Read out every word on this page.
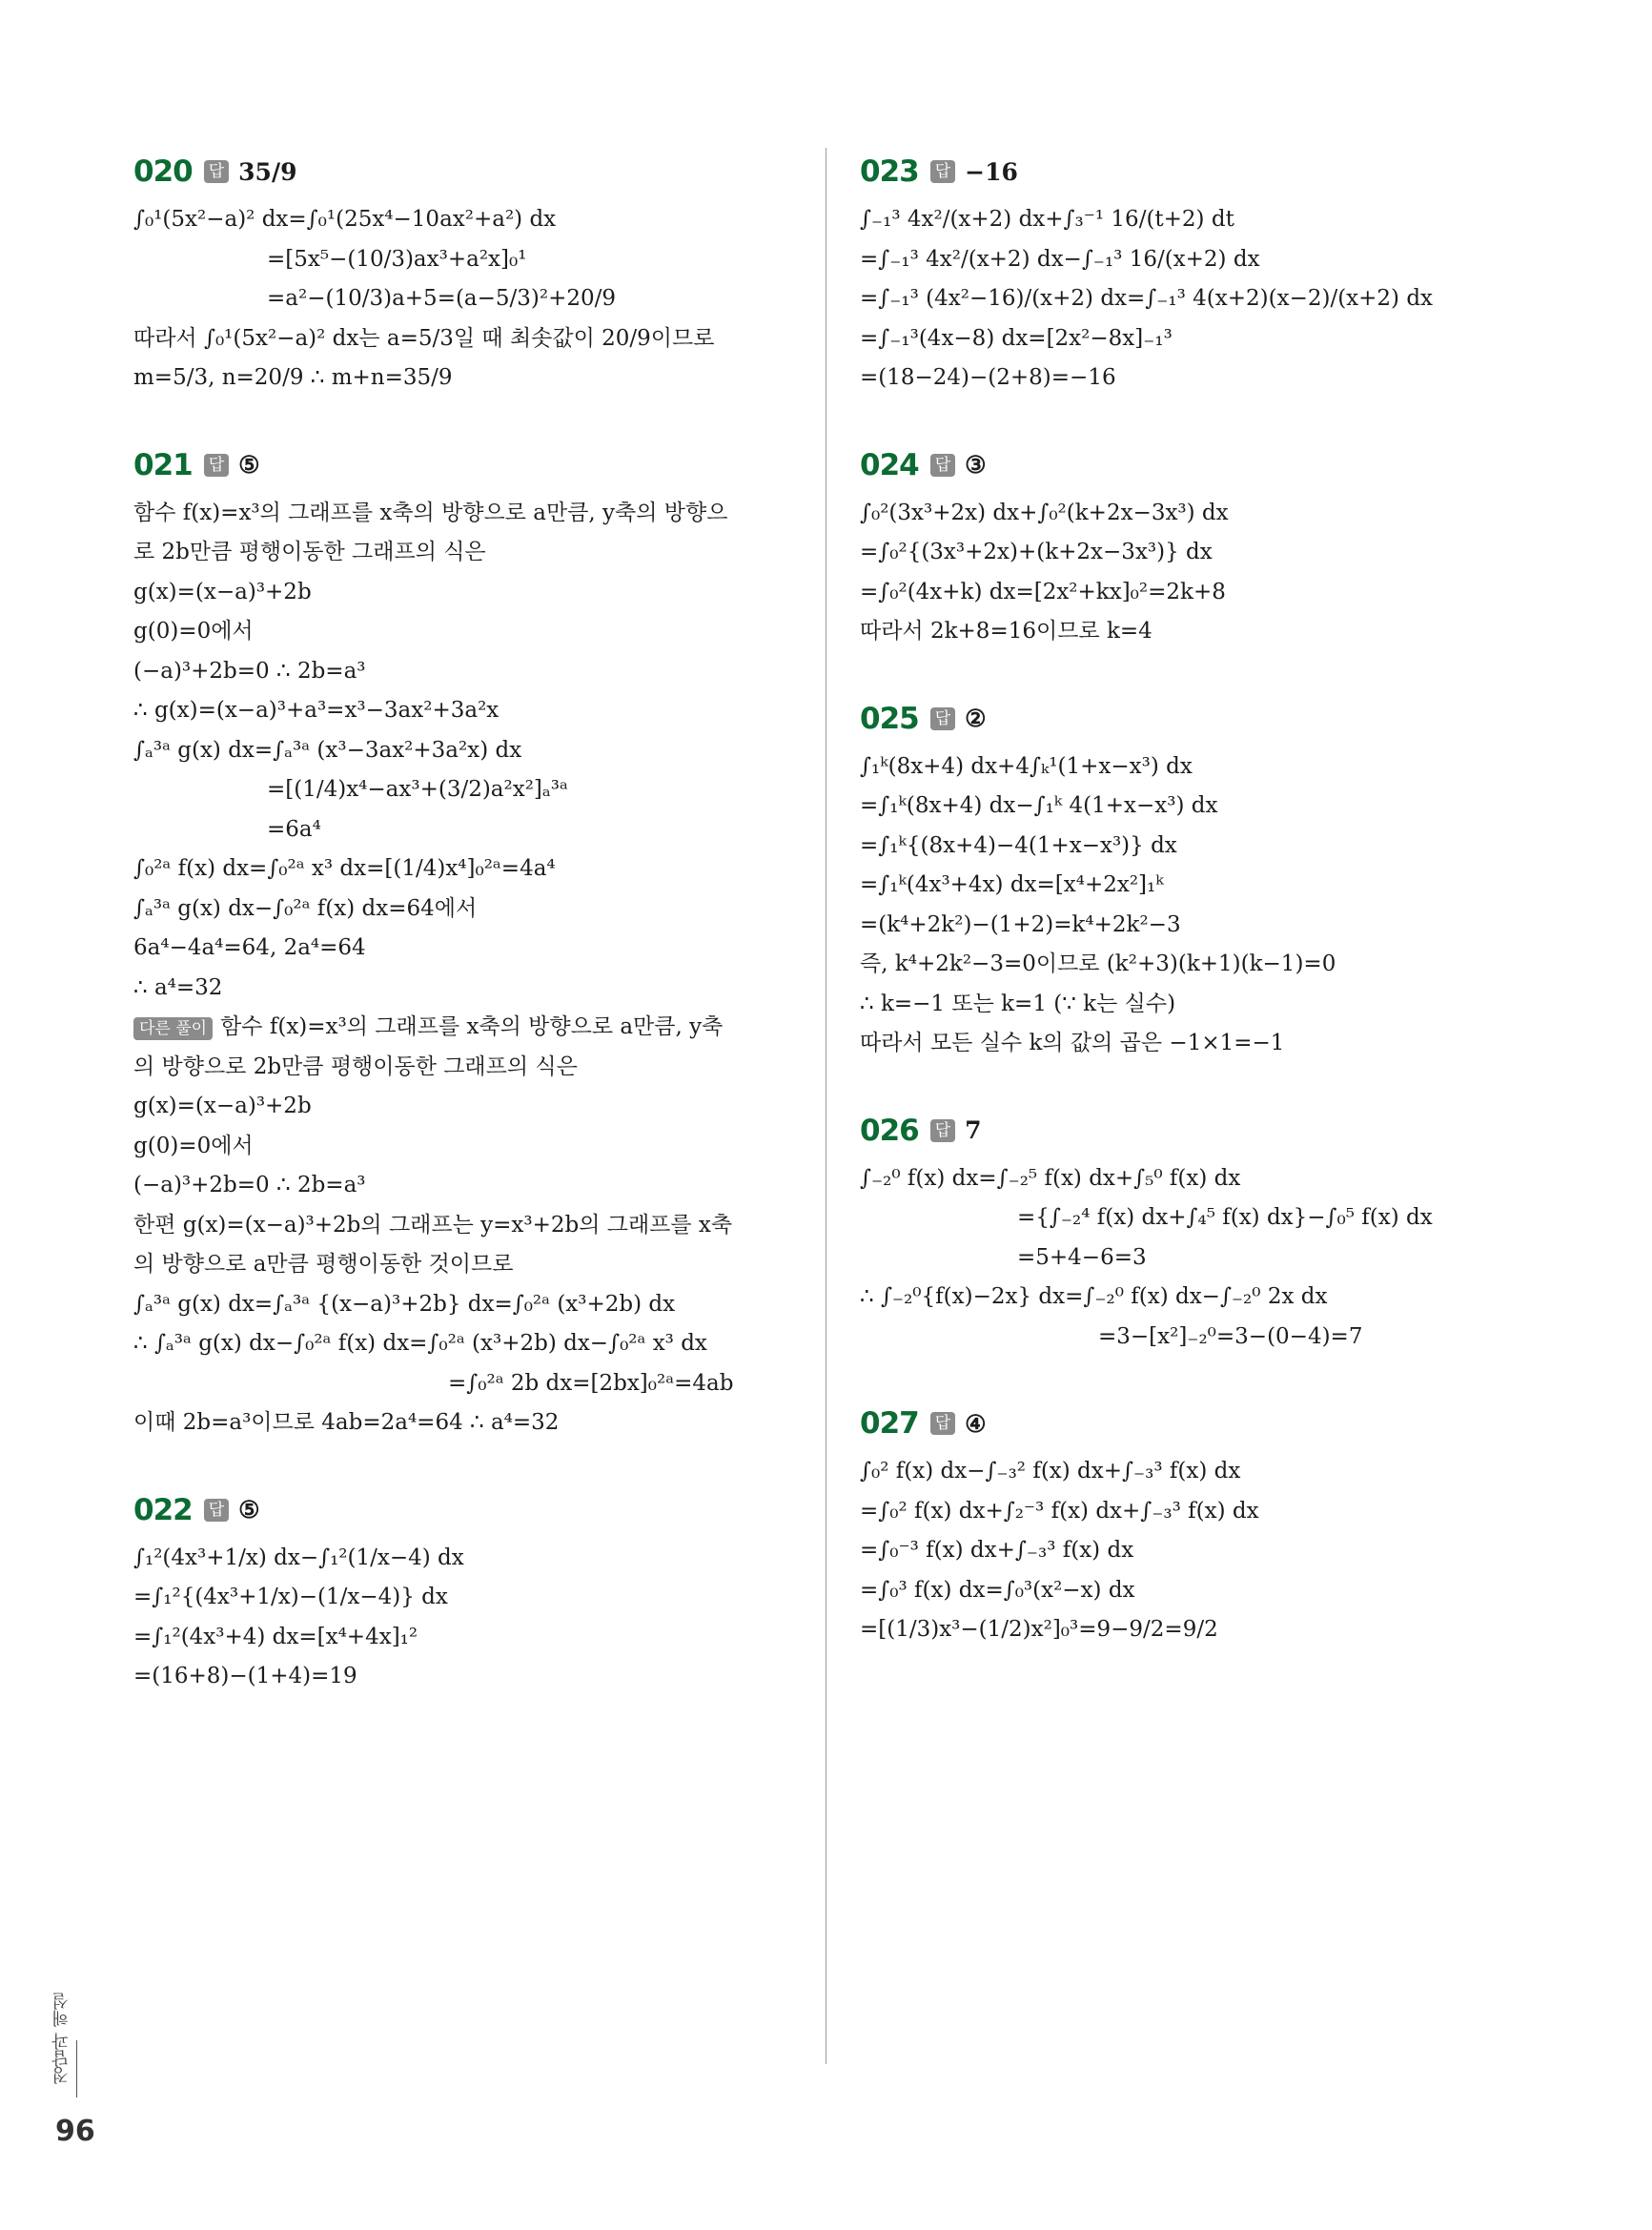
020 답 35/9
∫₀¹(5x²−a)² dx=∫₀¹(25x⁴−10ax²+a²) dx
=[5x⁵−(10/3)ax³+a²x]₀¹
=a²−(10/3)a+5=(a−5/3)²+20/9
따라서 ∫₀¹(5x²−a)² dx는 a=5/3일 때 최솟값이 20/9이므로
m=5/3, n=20/9 ∴ m+n=35/9
021 답 ⑤
함수 f(x)=x³의 그래프를 x축의 방향으로 a만큼, y축의 방향으
로 2b만큼 평행이동한 그래프의 식은
g(x)=(x−a)³+2b
g(0)=0에서
(−a)³+2b=0 ∴ 2b=a³
∴ g(x)=(x−a)³+a³=x³−3ax²+3a²x
∫ₐ³ᵃ g(x) dx=∫ₐ³ᵃ (x³−3ax²+3a²x) dx
=[(1/4)x⁴−ax³+(3/2)a²x²]ₐ³ᵃ
=6a⁴
∫₀²ᵃ f(x) dx=∫₀²ᵃ x³ dx=[(1/4)x⁴]₀²ᵃ=4a⁴
∫ₐ³ᵃ g(x) dx−∫₀²ᵃ f(x) dx=64에서
6a⁴−4a⁴=64, 2a⁴=64
∴ a⁴=32
다른 풀이 함수 f(x)=x³의 그래프를 x축의 방향으로 a만큼, y축
의 방향으로 2b만큼 평행이동한 그래프의 식은
g(x)=(x−a)³+2b
g(0)=0에서
(−a)³+2b=0 ∴ 2b=a³
한편 g(x)=(x−a)³+2b의 그래프는 y=x³+2b의 그래프를 x축
의 방향으로 a만큼 평행이동한 것이므로
∫ₐ³ᵃ g(x) dx=∫ₐ³ᵃ {(x−a)³+2b} dx=∫₀²ᵃ (x³+2b) dx
∴ ∫ₐ³ᵃ g(x) dx−∫₀²ᵃ f(x) dx=∫₀²ᵃ (x³+2b) dx−∫₀²ᵃ x³ dx
=∫₀²ᵃ 2b dx=[2bx]₀²ᵃ=4ab
이때 2b=a³이므로 4ab=2a⁴=64 ∴ a⁴=32
022 답 ⑤
∫₁²(4x³+1/x) dx−∫₁²(1/x−4) dx
=∫₁²{(4x³+1/x)−(1/x−4)} dx
=∫₁²(4x³+4) dx=[x⁴+4x]₁²
=(16+8)−(1+4)=19
023 답 −16
∫₋₁³ 4x²/(x+2) dx+∫₃⁻¹ 16/(t+2) dt
=∫₋₁³ 4x²/(x+2) dx−∫₋₁³ 16/(x+2) dx
=∫₋₁³ (4x²−16)/(x+2) dx=∫₋₁³ 4(x+2)(x−2)/(x+2) dx
=∫₋₁³(4x−8) dx=[2x²−8x]₋₁³
=(18−24)−(2+8)=−16
024 답 ③
∫₀²(3x³+2x) dx+∫₀²(k+2x−3x³) dx
=∫₀²{(3x³+2x)+(k+2x−3x³)} dx
=∫₀²(4x+k) dx=[2x²+kx]₀²=2k+8
따라서 2k+8=16이므로 k=4
025 답 ②
∫₁ᵏ(8x+4) dx+4∫ₖ¹(1+x−x³) dx
=∫₁ᵏ(8x+4) dx−∫₁ᵏ 4(1+x−x³) dx
=∫₁ᵏ{(8x+4)−4(1+x−x³)} dx
=∫₁ᵏ(4x³+4x) dx=[x⁴+2x²]₁ᵏ
=(k⁴+2k²)−(1+2)=k⁴+2k²−3
즉, k⁴+2k²−3=0이므로 (k²+3)(k+1)(k−1)=0
∴ k=−1 또는 k=1 (∵ k는 실수)
따라서 모든 실수 k의 값의 곱은 −1×1=−1
026 답 7
∫₋₂⁰ f(x) dx=∫₋₂⁵ f(x) dx+∫₅⁰ f(x) dx
={∫₋₂⁴ f(x) dx+∫₄⁵ f(x) dx}−∫₀⁵ f(x) dx
=5+4−6=3
∴ ∫₋₂⁰{f(x)−2x} dx=∫₋₂⁰ f(x) dx−∫₋₂⁰ 2x dx
=3−[x²]₋₂⁰=3−(0−4)=7
027 답 ④
∫₀² f(x) dx−∫₋₃² f(x) dx+∫₋₃³ f(x) dx
=∫₀² f(x) dx+∫₂⁻³ f(x) dx+∫₋₃³ f(x) dx
=∫₀⁻³ f(x) dx+∫₋₃³ f(x) dx
=∫₀³ f(x) dx=∫₀³(x²−x) dx
=[(1/3)x³−(1/2)x²]₀³=9−9/2=9/2
정답과 해설
96
